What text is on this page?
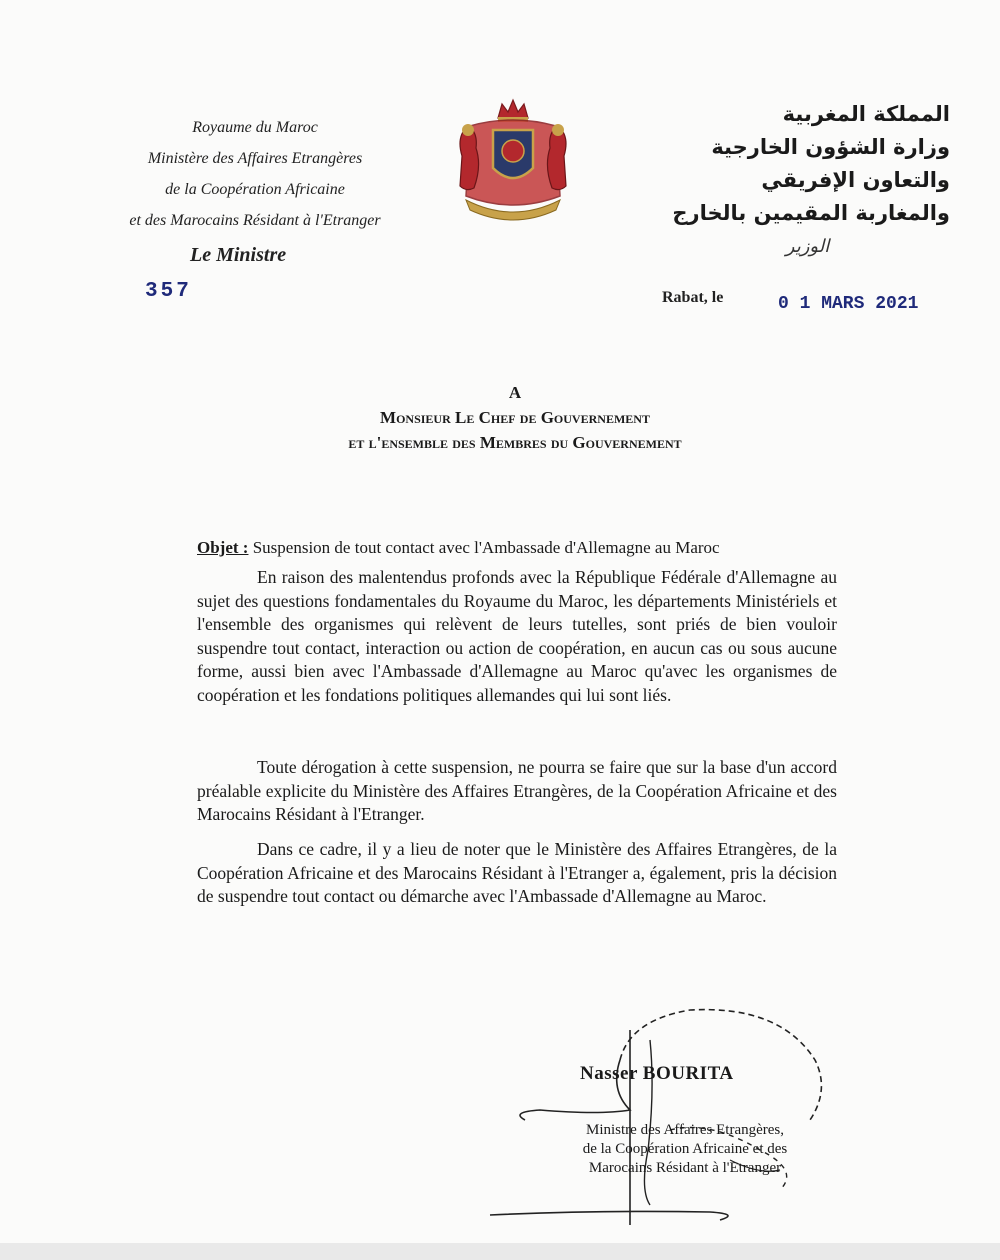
Royaume du Maroc
Ministère des Affaires Etrangères
de la Coopération Africaine
et des Marocains Résidant à l'Etranger
Le Ministre
357
المملكة المغربية
وزارة الشؤون الخارجية
والتعاون الإفريقي
والمغاربة المقيمين بالخارج
الوزير
Rabat, le	0 1 MARS 2021
A
Monsieur Le Chef de Gouvernement
et l'ensemble des Membres du Gouvernement
Objet : Suspension de tout contact avec l'Ambassade d'Allemagne au Maroc

En raison des malentendus profonds avec la République Fédérale d'Allemagne au sujet des questions fondamentales du Royaume du Maroc, les départements Ministériels et l'ensemble des organismes qui relèvent de leurs tutelles, sont priés de bien vouloir suspendre tout contact, interaction ou action de coopération, en aucun cas ou sous aucune forme, aussi bien avec l'Ambassade d'Allemagne au Maroc qu'avec les organismes de coopération et les fondations politiques allemandes qui lui sont liés.

Toute dérogation à cette suspension, ne pourra se faire que sur la base d'un accord préalable explicite du Ministère des Affaires Etrangères, de la Coopération Africaine et des Marocains Résidant à l'Etranger.

Dans ce cadre, il y a lieu de noter que le Ministère des Affaires Etrangères, de la Coopération Africaine et des Marocains Résidant à l'Etranger a, également, pris la décision de suspendre tout contact ou démarche avec l'Ambassade d'Allemagne au Maroc.

Nasser BOURITA
Ministre des Affaires Etrangères,
de la Coopération Africaine et des
Marocains Résidant à l'Etranger
